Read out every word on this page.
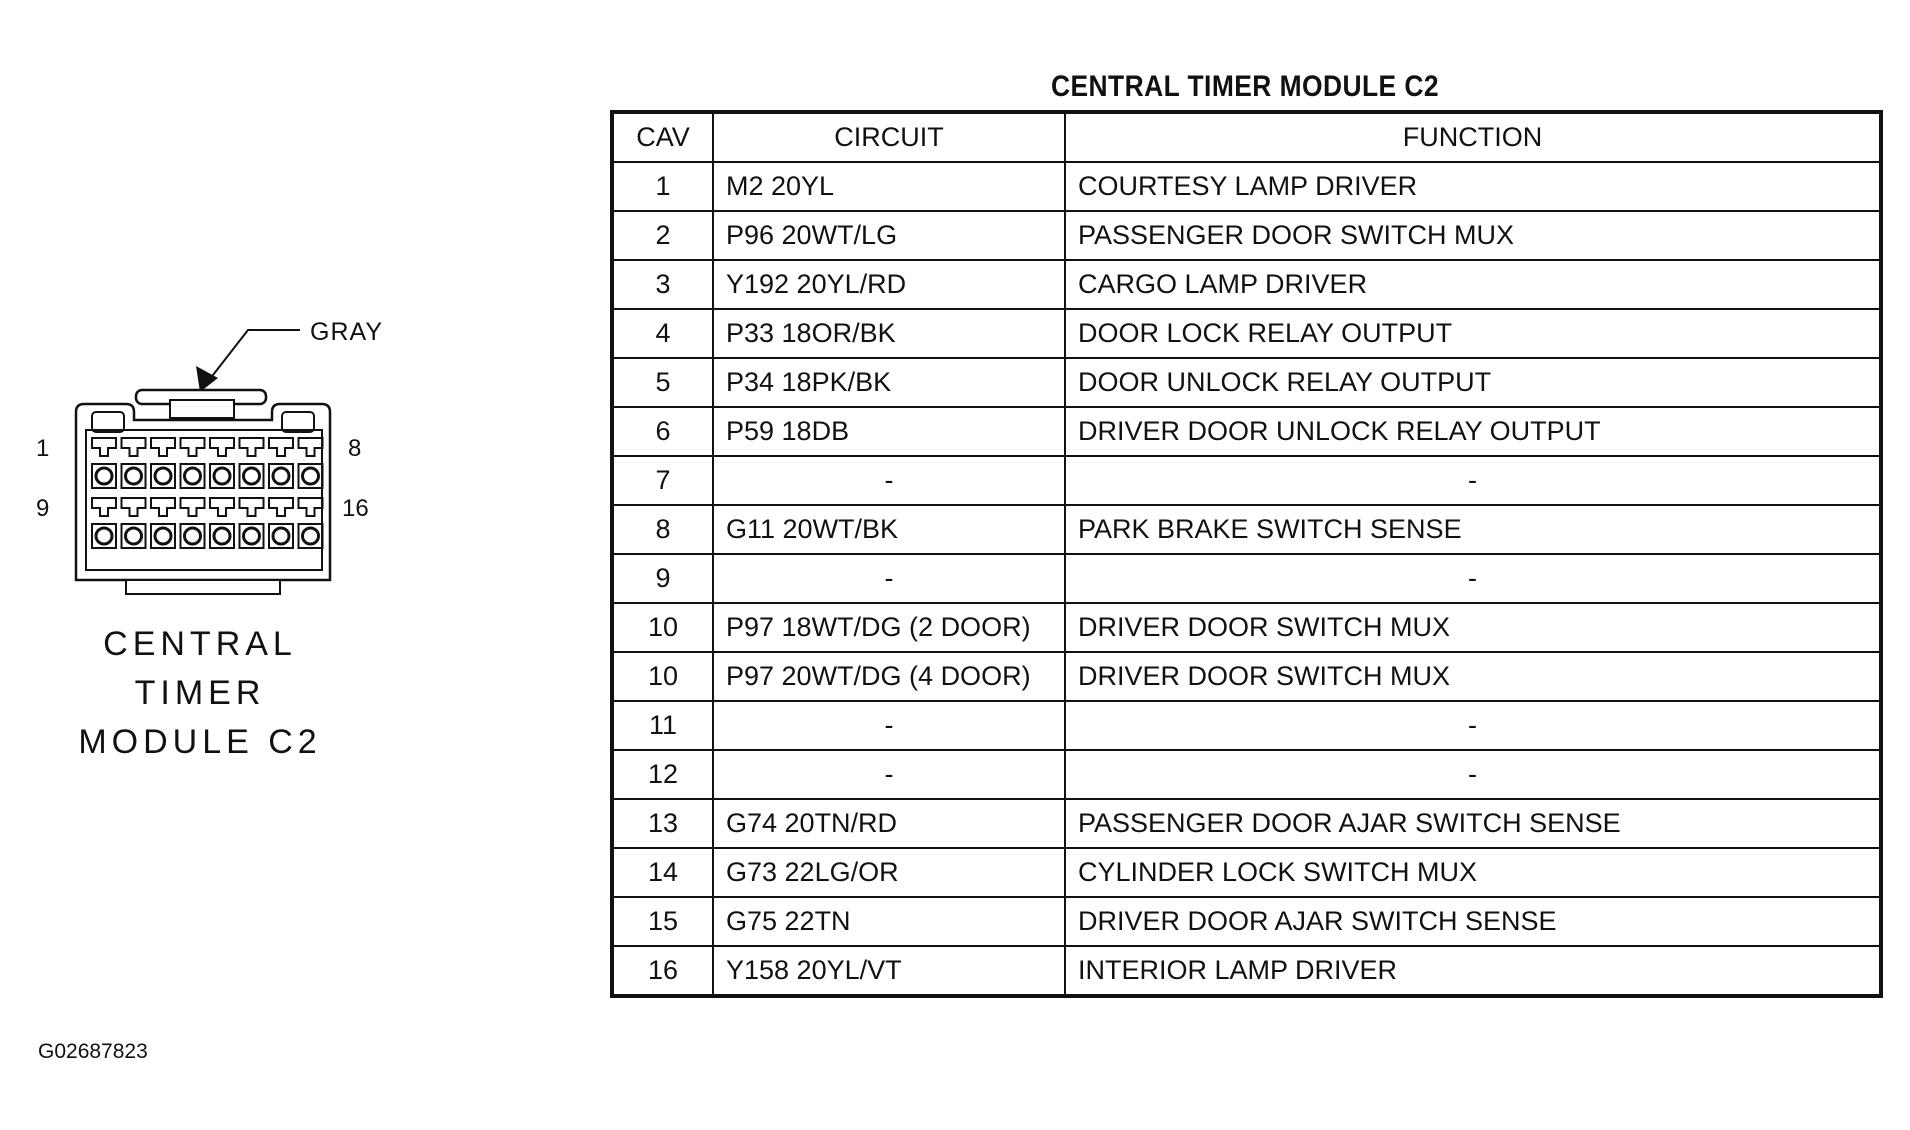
GRAY
1	8
9	16
CENTRAL
TIMER
MODULE C2
CENTRAL TIMER MODULE C2
CAV	CIRCUIT	FUNCTION
1	M2 20YL	COURTESY LAMP DRIVER
2	P96 20WT/LG	PASSENGER DOOR SWITCH MUX
3	Y192 20YL/RD	CARGO LAMP DRIVER
4	P33 18OR/BK	DOOR LOCK RELAY OUTPUT
5	P34 18PK/BK	DOOR UNLOCK RELAY OUTPUT
6	P59 18DB	DRIVER DOOR UNLOCK RELAY OUTPUT
7	-	-
8	G11 20WT/BK	PARK BRAKE SWITCH SENSE
9	-	-
10	P97 18WT/DG (2 DOOR)	DRIVER DOOR SWITCH MUX
10	P97 20WT/DG (4 DOOR)	DRIVER DOOR SWITCH MUX
11	-	-
12	-	-
13	G74 20TN/RD	PASSENGER DOOR AJAR SWITCH SENSE
14	G73 22LG/OR	CYLINDER LOCK SWITCH MUX
15	G75 22TN	DRIVER DOOR AJAR SWITCH SENSE
16	Y158 20YL/VT	INTERIOR LAMP DRIVER
G02687823
